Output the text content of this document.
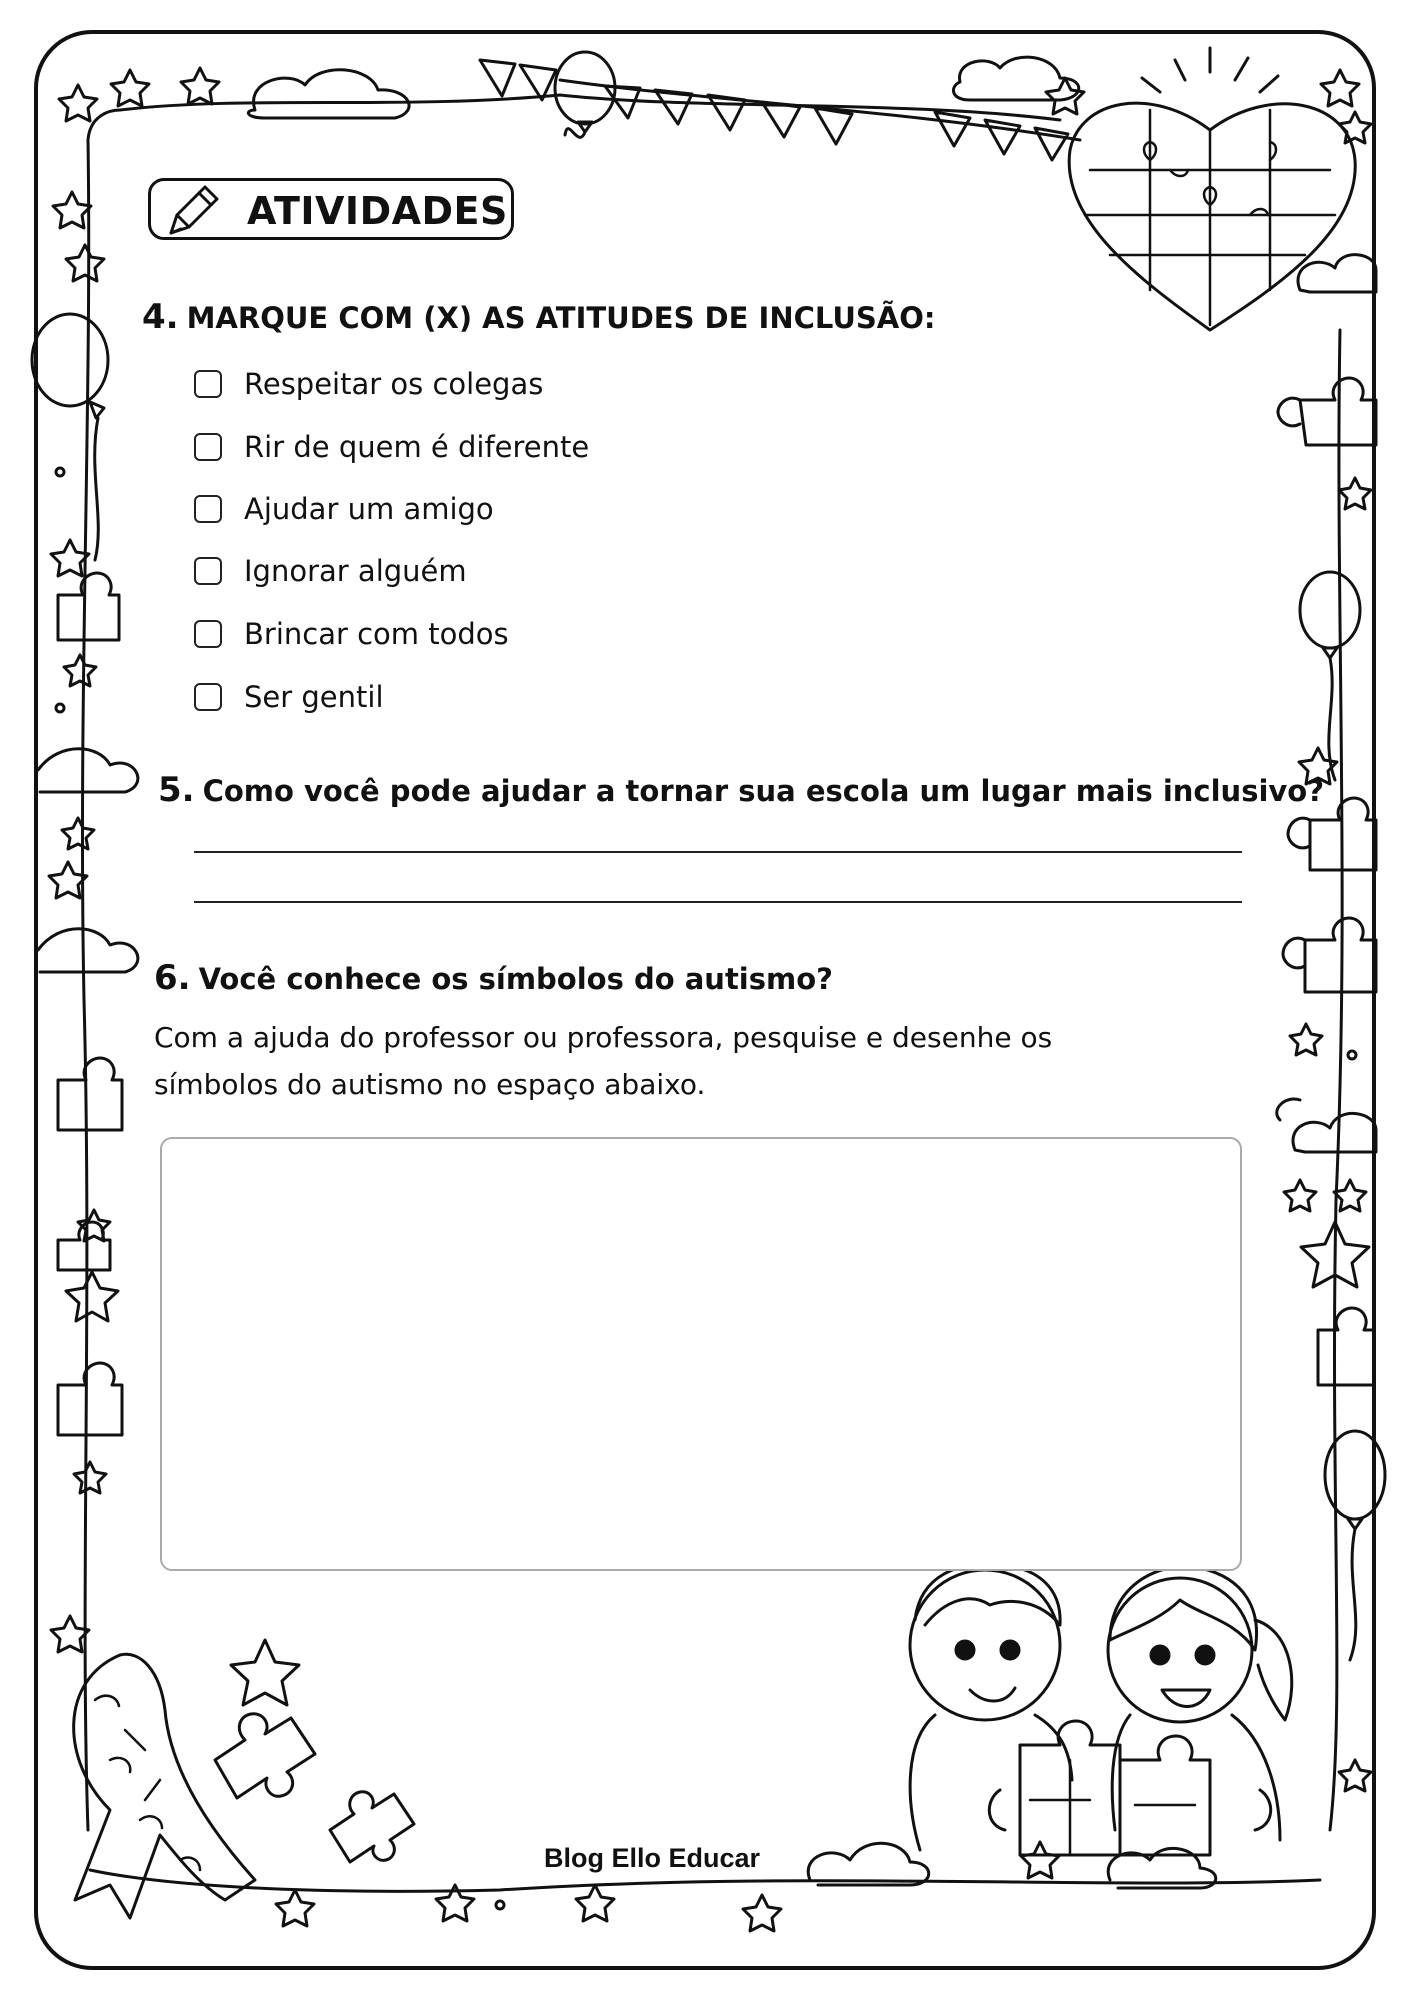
ATIVIDADES
4. MARQUE COM (X) AS ATITUDES DE INCLUSÃO:
Respeitar os colegas
Rir de quem é diferente
Ajudar um amigo
Ignorar alguém
Brincar com todos
Ser gentil
5. Como você pode ajudar a tornar sua escola um lugar mais inclusivo?
6. Você conhece os símbolos do autismo?
Com a ajuda do professor ou professora, pesquise e desenhe os
símbolos do autismo no espaço abaixo.
Blog Ello Educar
